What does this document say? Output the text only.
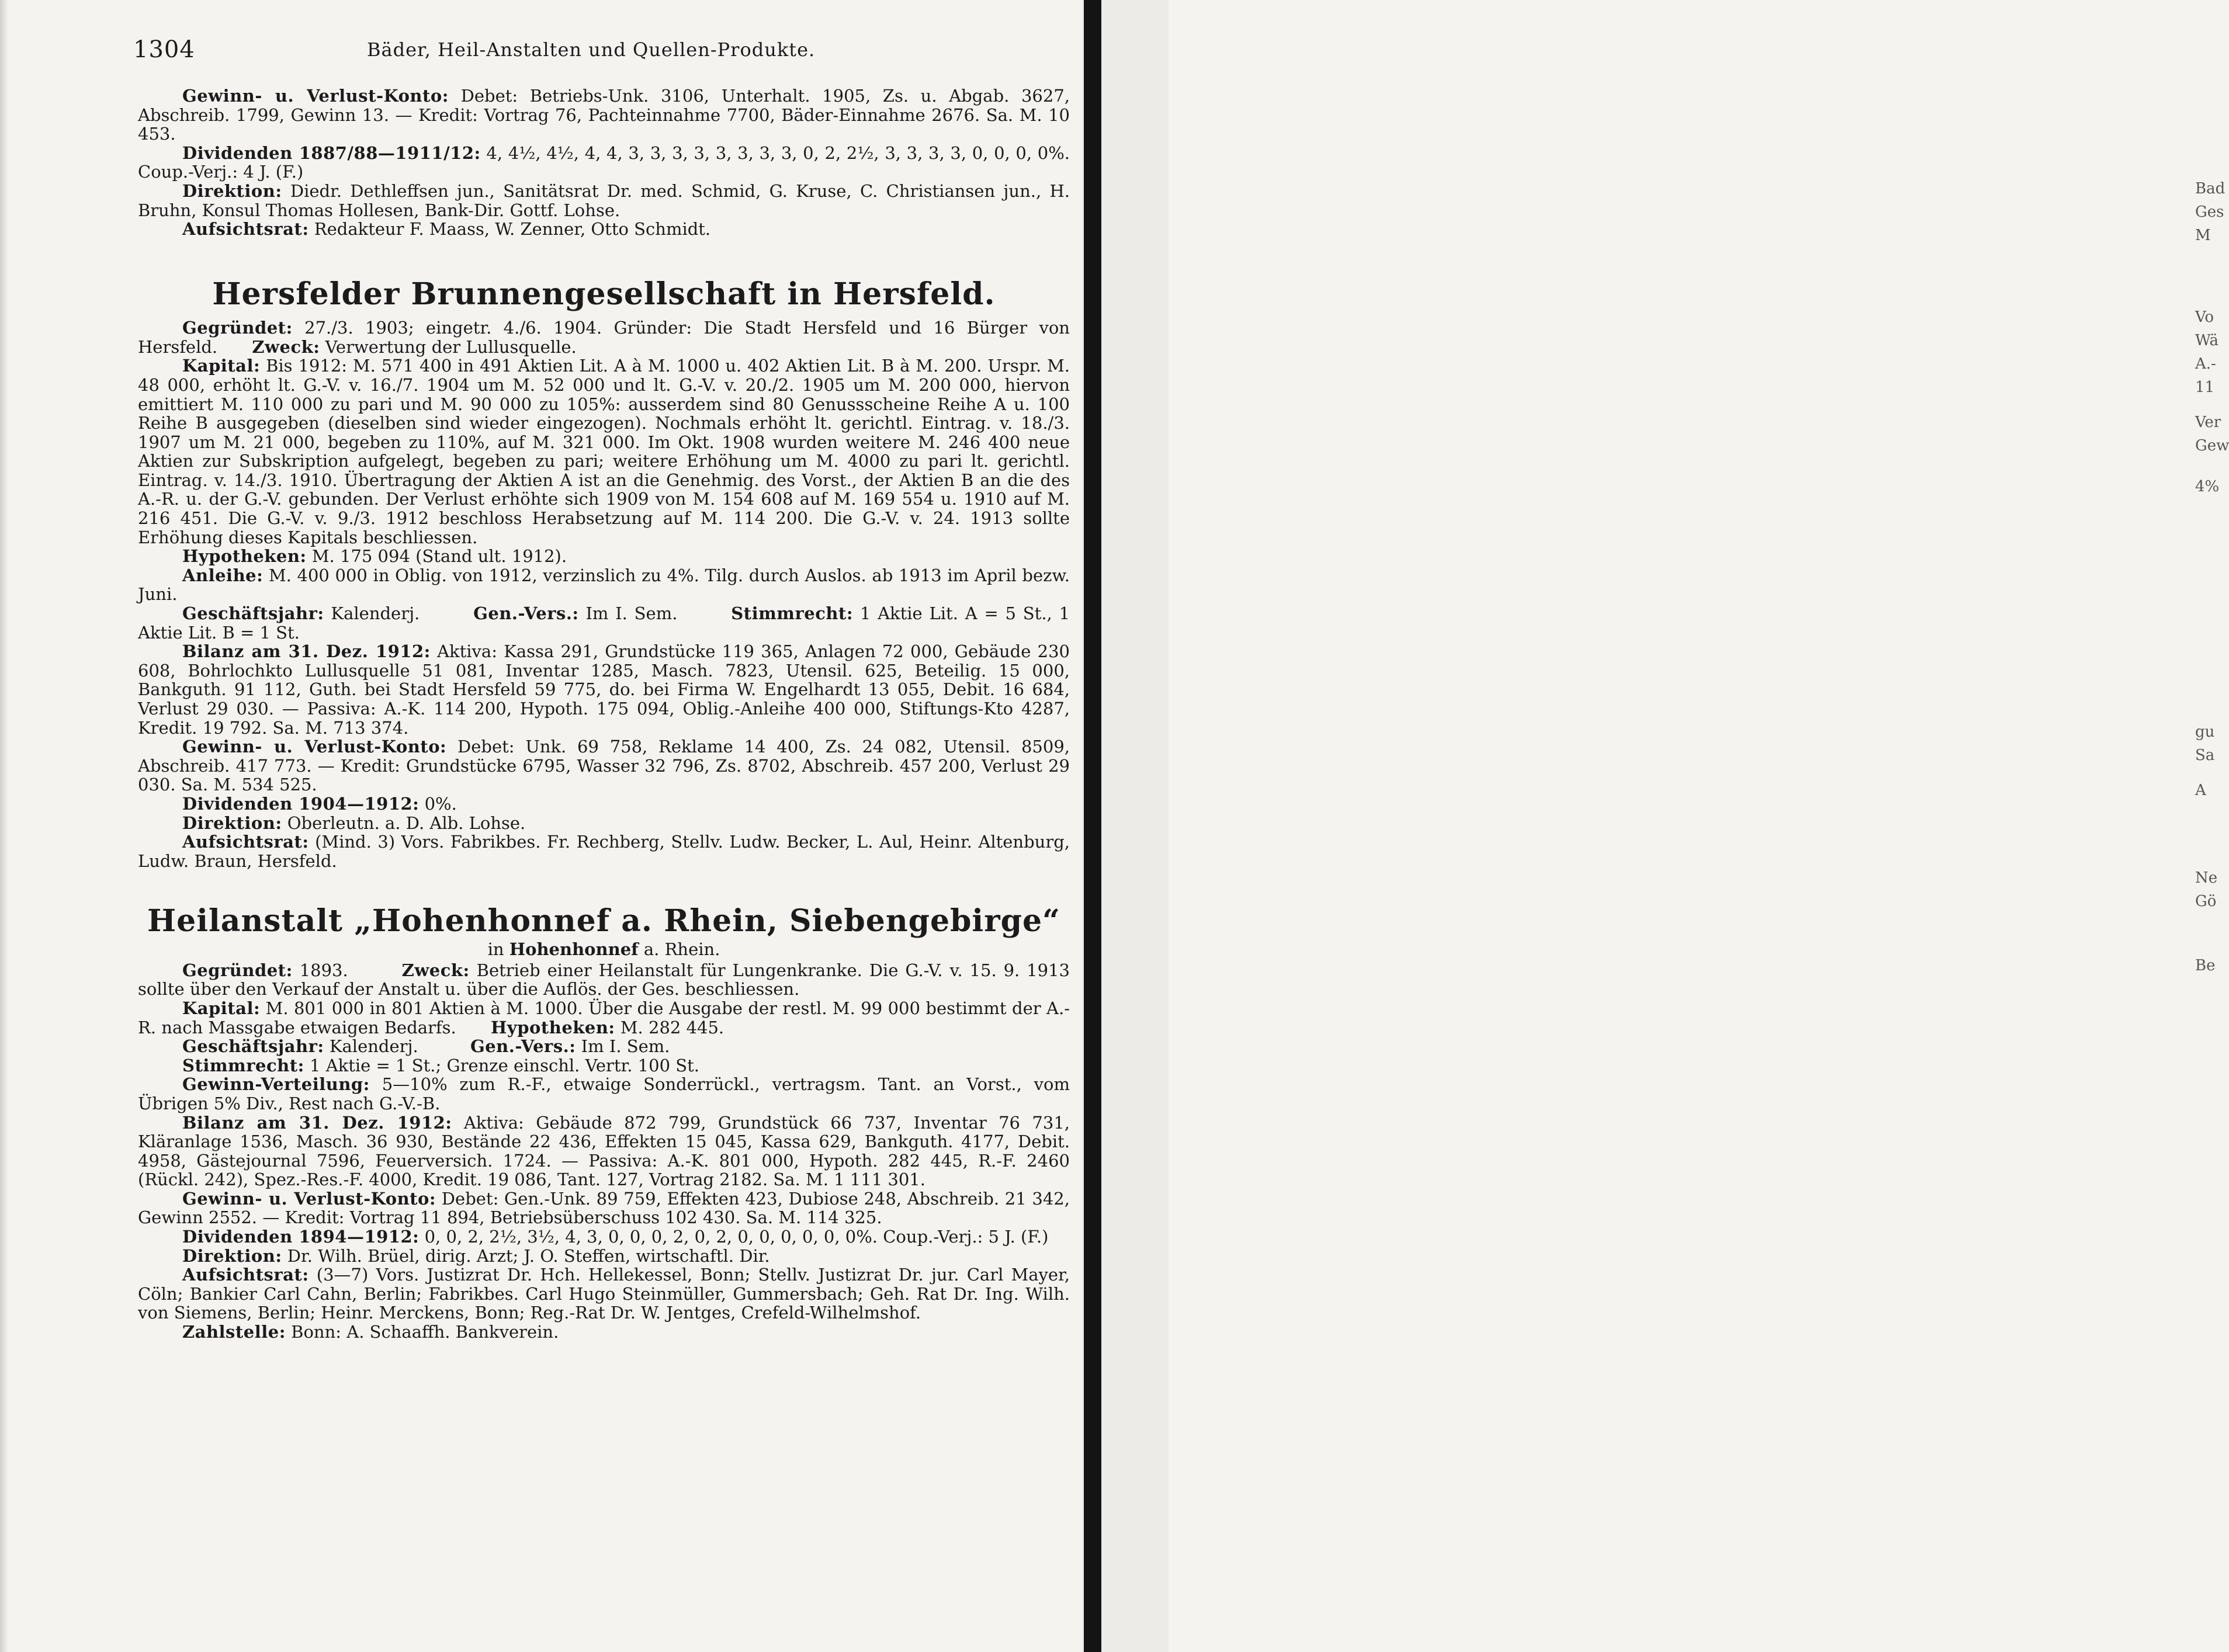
Bad
Ges
M
Vo
Wä
A.-
11
Ver
Gew
4%
gu
Sa
A
Ne
Gö
Be
1304	Bäder, Heil-Anstalten und Quellen-Produkte.

Gewinn- u. Verlust-Konto: Debet: Betriebs-Unk. 3106, Unterhalt. 1905, Zs. u. Abgab. 3627, Abschreib. 1799, Gewinn 13. — Kredit: Vortrag 76, Pachteinnahme 7700, Bäder-Einnahme 2676. Sa. M. 10 453.

Dividenden 1887/88—1911/12: 4, 4½, 4½, 4, 4, 3, 3, 3, 3, 3, 3, 3, 3, 0, 2, 2½, 3, 3, 3, 3, 0, 0, 0, 0%. Coup.-Verj.: 4 J. (F.)

Direktion: Diedr. Dethleffsen jun., Sanitätsrat Dr. med. Schmid, G. Kruse, C. Christiansen jun., H. Bruhn, Konsul Thomas Hollesen, Bank-Dir. Gottf. Lohse.

Aufsichtsrat: Redakteur F. Maass, W. Zenner, Otto Schmidt.

Hersfelder Brunnengesellschaft in Hersfeld.

Gegründet: 27./3. 1903; eingetr. 4./6. 1904. Gründer: Die Stadt Hersfeld und 16 Bürger von Hersfeld. Zweck: Verwertung der Lullusquelle.

Kapital: Bis 1912: M. 571 400 in 491 Aktien Lit. A à M. 1000 u. 402 Aktien Lit. B à M. 200. Urspr. M. 48 000, erhöht lt. G.-V. v. 16./7. 1904 um M. 52 000 und lt. G.-V. v. 20./2. 1905 um M. 200 000, hiervon emittiert M. 110 000 zu pari und M. 90 000 zu 105%: ausserdem sind 80 Genussscheine Reihe A u. 100 Reihe B ausgegeben (dieselben sind wieder eingezogen). Nochmals erhöht lt. gerichtl. Eintrag. v. 18./3. 1907 um M. 21 000, begeben zu 110%, auf M. 321 000. Im Okt. 1908 wurden weitere M. 246 400 neue Aktien zur Subskription aufgelegt, begeben zu pari; weitere Erhöhung um M. 4000 zu pari lt. gerichtl. Eintrag. v. 14./3. 1910. Übertragung der Aktien A ist an die Genehmig. des Vorst., der Aktien B an die des A.-R. u. der G.-V. gebunden. Der Verlust erhöhte sich 1909 von M. 154 608 auf M. 169 554 u. 1910 auf M. 216 451. Die G.-V. v. 9./3. 1912 beschloss Herabsetzung auf M. 114 200. Die G.-V. v. 24. 1913 sollte Erhöhung dieses Kapitals beschliessen.

Hypotheken: M. 175 094 (Stand ult. 1912).

Anleihe: M. 400 000 in Oblig. von 1912, verzinslich zu 4%. Tilg. durch Auslos. ab 1913 im April bezw. Juni.

Geschäftsjahr: Kalenderj.	Gen.-Vers.: Im I. Sem.	Stimmrecht: 1 Aktie Lit. A = 5 St., 1 Aktie Lit. B = 1 St.

Bilanz am 31. Dez. 1912: Aktiva: Kassa 291, Grundstücke 119 365, Anlagen 72 000, Gebäude 230 608, Bohrlochkto Lullusquelle 51 081, Inventar 1285, Masch. 7823, Utensil. 625, Beteilig. 15 000, Bankguth. 91 112, Guth. bei Stadt Hersfeld 59 775, do. bei Firma W. Engelhardt 13 055, Debit. 16 684, Verlust 29 030. — Passiva: A.-K. 114 200, Hypoth. 175 094, Oblig.-Anleihe 400 000, Stiftungs-Kto 4287, Kredit. 19 792. Sa. M. 713 374.

Gewinn- u. Verlust-Konto: Debet: Unk. 69 758, Reklame 14 400, Zs. 24 082, Utensil. 8509, Abschreib. 417 773. — Kredit: Grundstücke 6795, Wasser 32 796, Zs. 8702, Abschreib. 457 200, Verlust 29 030. Sa. M. 534 525.

Dividenden 1904—1912: 0%.

Direktion: Oberleutn. a. D. Alb. Lohse.

Aufsichtsrat: (Mind. 3) Vors. Fabrikbes. Fr. Rechberg, Stellv. Ludw. Becker, L. Aul, Heinr. Altenburg, Ludw. Braun, Hersfeld.

Heilanstalt „Hohenhonnef a. Rhein, Siebengebirge“

in Hohenhonnef a. Rhein.

Gegründet: 1893.	Zweck: Betrieb einer Heilanstalt für Lungenkranke. Die G.-V. v. 15. 9. 1913 sollte über den Verkauf der Anstalt u. über die Auflös. der Ges. beschliessen.

Kapital: M. 801 000 in 801 Aktien à M. 1000. Über die Ausgabe der restl. M. 99 000 bestimmt der A.-R. nach Massgabe etwaigen Bedarfs. Hypotheken: M. 282 445.

Geschäftsjahr: Kalenderj.	Gen.-Vers.: Im I. Sem.

Stimmrecht: 1 Aktie = 1 St.; Grenze einschl. Vertr. 100 St.

Gewinn-Verteilung: 5—10% zum R.-F., etwaige Sonderrückl., vertragsm. Tant. an Vorst., vom Übrigen 5% Div., Rest nach G.-V.-B.

Bilanz am 31. Dez. 1912: Aktiva: Gebäude 872 799, Grundstück 66 737, Inventar 76 731, Kläranlage 1536, Masch. 36 930, Bestände 22 436, Effekten 15 045, Kassa 629, Bankguth. 4177, Debit. 4958, Gästejournal 7596, Feuerversich. 1724. — Passiva: A.-K. 801 000, Hypoth. 282 445, R.-F. 2460 (Rückl. 242), Spez.-Res.-F. 4000, Kredit. 19 086, Tant. 127, Vortrag 2182. Sa. M. 1 111 301.

Gewinn- u. Verlust-Konto: Debet: Gen.-Unk. 89 759, Effekten 423, Dubiose 248, Abschreib. 21 342, Gewinn 2552. — Kredit: Vortrag 11 894, Betriebsüberschuss 102 430. Sa. M. 114 325.

Dividenden 1894—1912: 0, 0, 2, 2½, 3½, 4, 3, 0, 0, 0, 2, 0, 2, 0, 0, 0, 0, 0, 0%. Coup.-Verj.: 5 J. (F.)

Direktion: Dr. Wilh. Brüel, dirig. Arzt; J. O. Steffen, wirtschaftl. Dir.

Aufsichtsrat: (3—7) Vors. Justizrat Dr. Hch. Hellekessel, Bonn; Stellv. Justizrat Dr. jur. Carl Mayer, Cöln; Bankier Carl Cahn, Berlin; Fabrikbes. Carl Hugo Steinmüller, Gummersbach; Geh. Rat Dr. Ing. Wilh. von Siemens, Berlin; Heinr. Merckens, Bonn; Reg.-Rat Dr. W. Jentges, Crefeld-Wilhelmshof.

Zahlstelle: Bonn: A. Schaaffh. Bankverein.
